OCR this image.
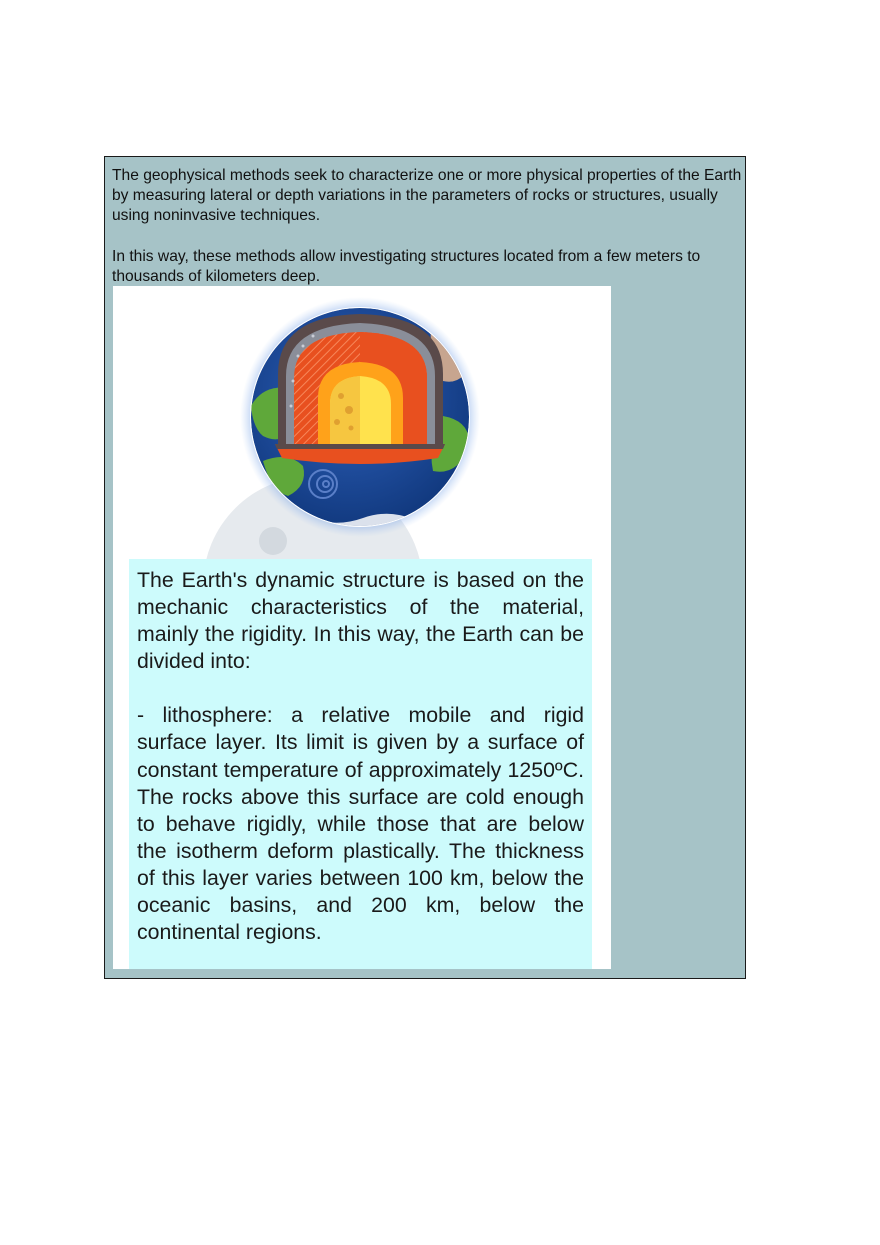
The geophysical methods seek to characterize one or more physical properties of the Earth by measuring lateral or depth variations in the parameters of rocks or structures, usually using noninvasive techniques.

In this way, these methods allow investigating structures located from a few meters to thousands of kilometers deep.

The Earth's dynamic structure is based on the mechanic characteristics of the material, mainly the rigidity. In this way, the Earth can be divided into:

- lithosphere: a relative mobile and rigid surface layer. Its limit is given by a surface of constant temperature of approximately 1250ºC. The rocks above this surface are cold enough to behave rigidly, while those that are below the isotherm deform plastically. The thickness of this layer varies between 100 km, below the oceanic basins, and 200 km, below the continental regions.
